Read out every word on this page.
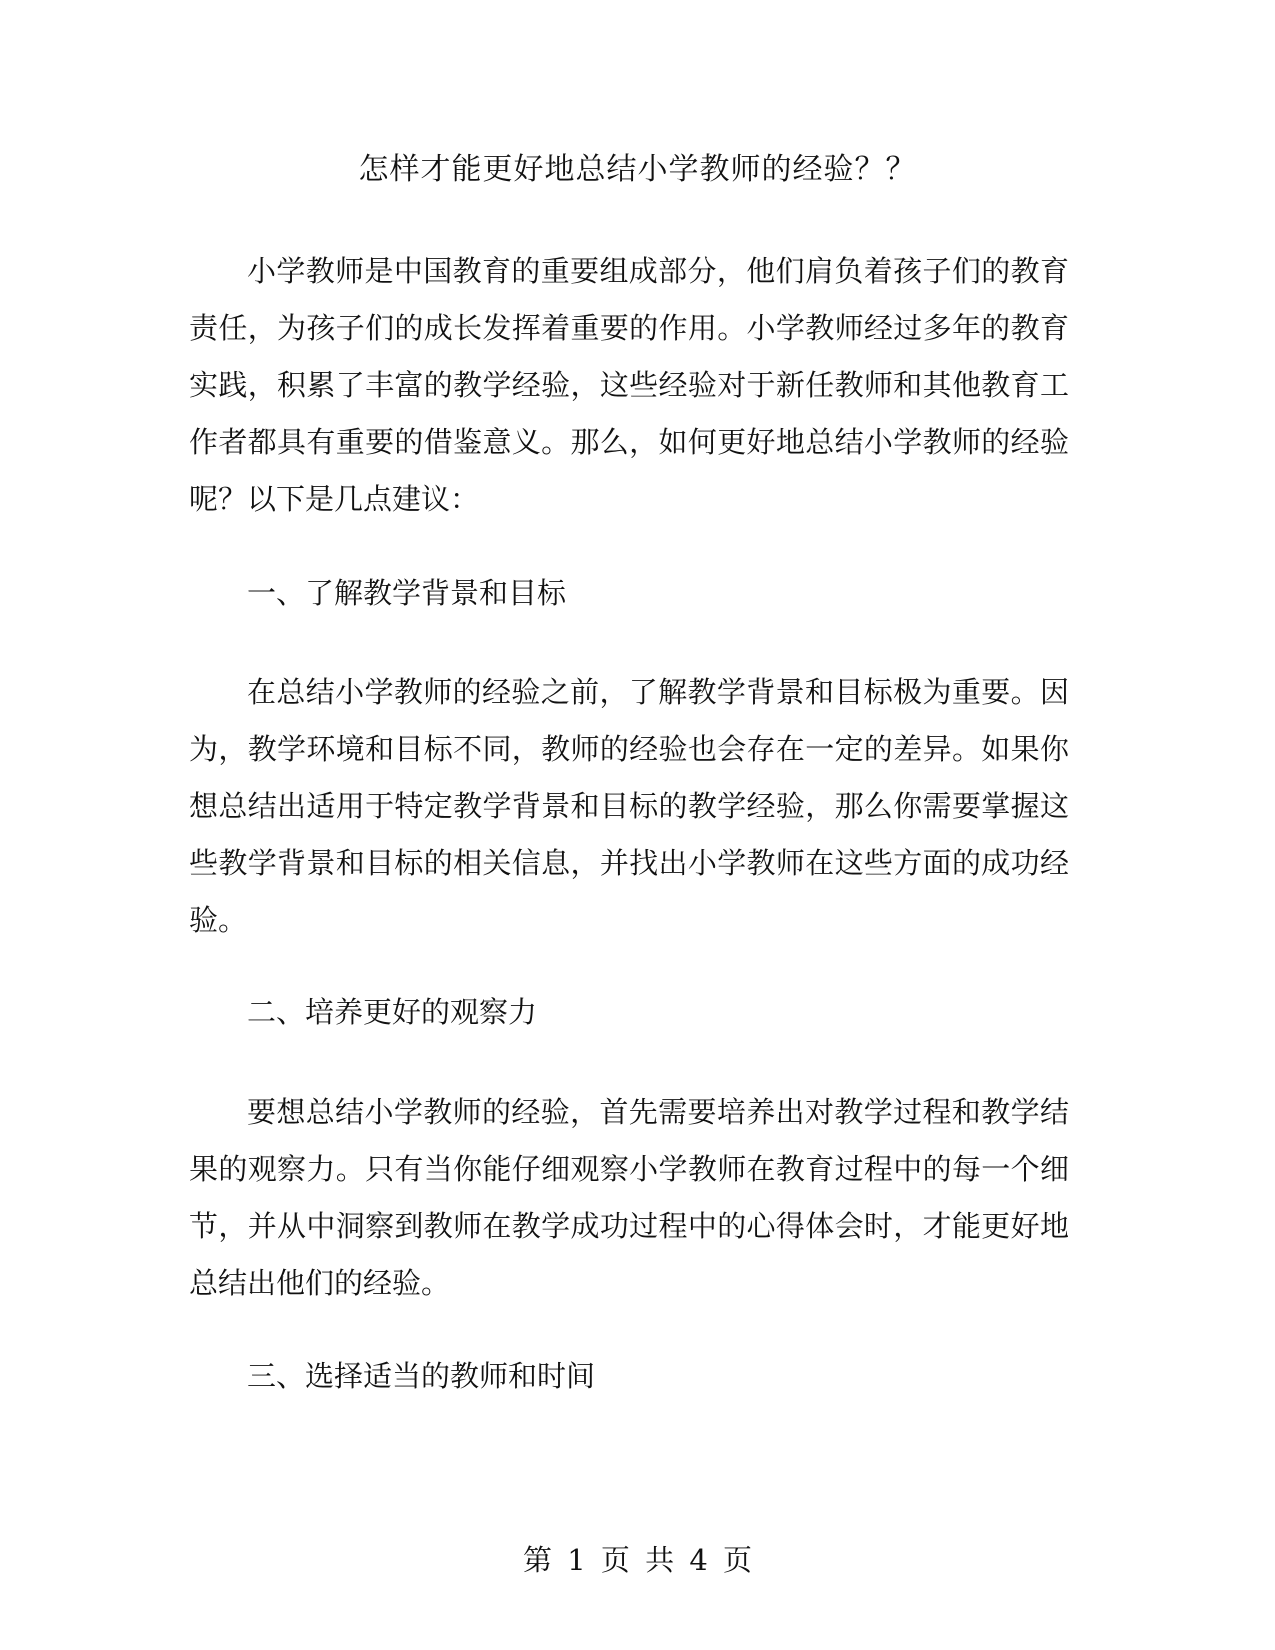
怎样才能更好地总结小学教师的经验？？

小学教师是中国教育的重要组成部分，他们肩负着孩子们的教育责任，为孩子们的成长发挥着重要的作用。小学教师经过多年的教育实践，积累了丰富的教学经验，这些经验对于新任教师和其他教育工作者都具有重要的借鉴意义。那么，如何更好地总结小学教师的经验呢？以下是几点建议：

一、了解教学背景和目标

在总结小学教师的经验之前，了解教学背景和目标极为重要。因为，教学环境和目标不同，教师的经验也会存在一定的差异。如果你想总结出适用于特定教学背景和目标的教学经验，那么你需要掌握这些教学背景和目标的相关信息，并找出小学教师在这些方面的成功经验。

二、培养更好的观察力

要想总结小学教师的经验，首先需要培养出对教学过程和教学结果的观察力。只有当你能仔细观察小学教师在教育过程中的每一个细节，并从中洞察到教师在教学成功过程中的心得体会时，才能更好地总结出他们的经验。

三、选择适当的教师和时间

第 1 页 共 4 页
